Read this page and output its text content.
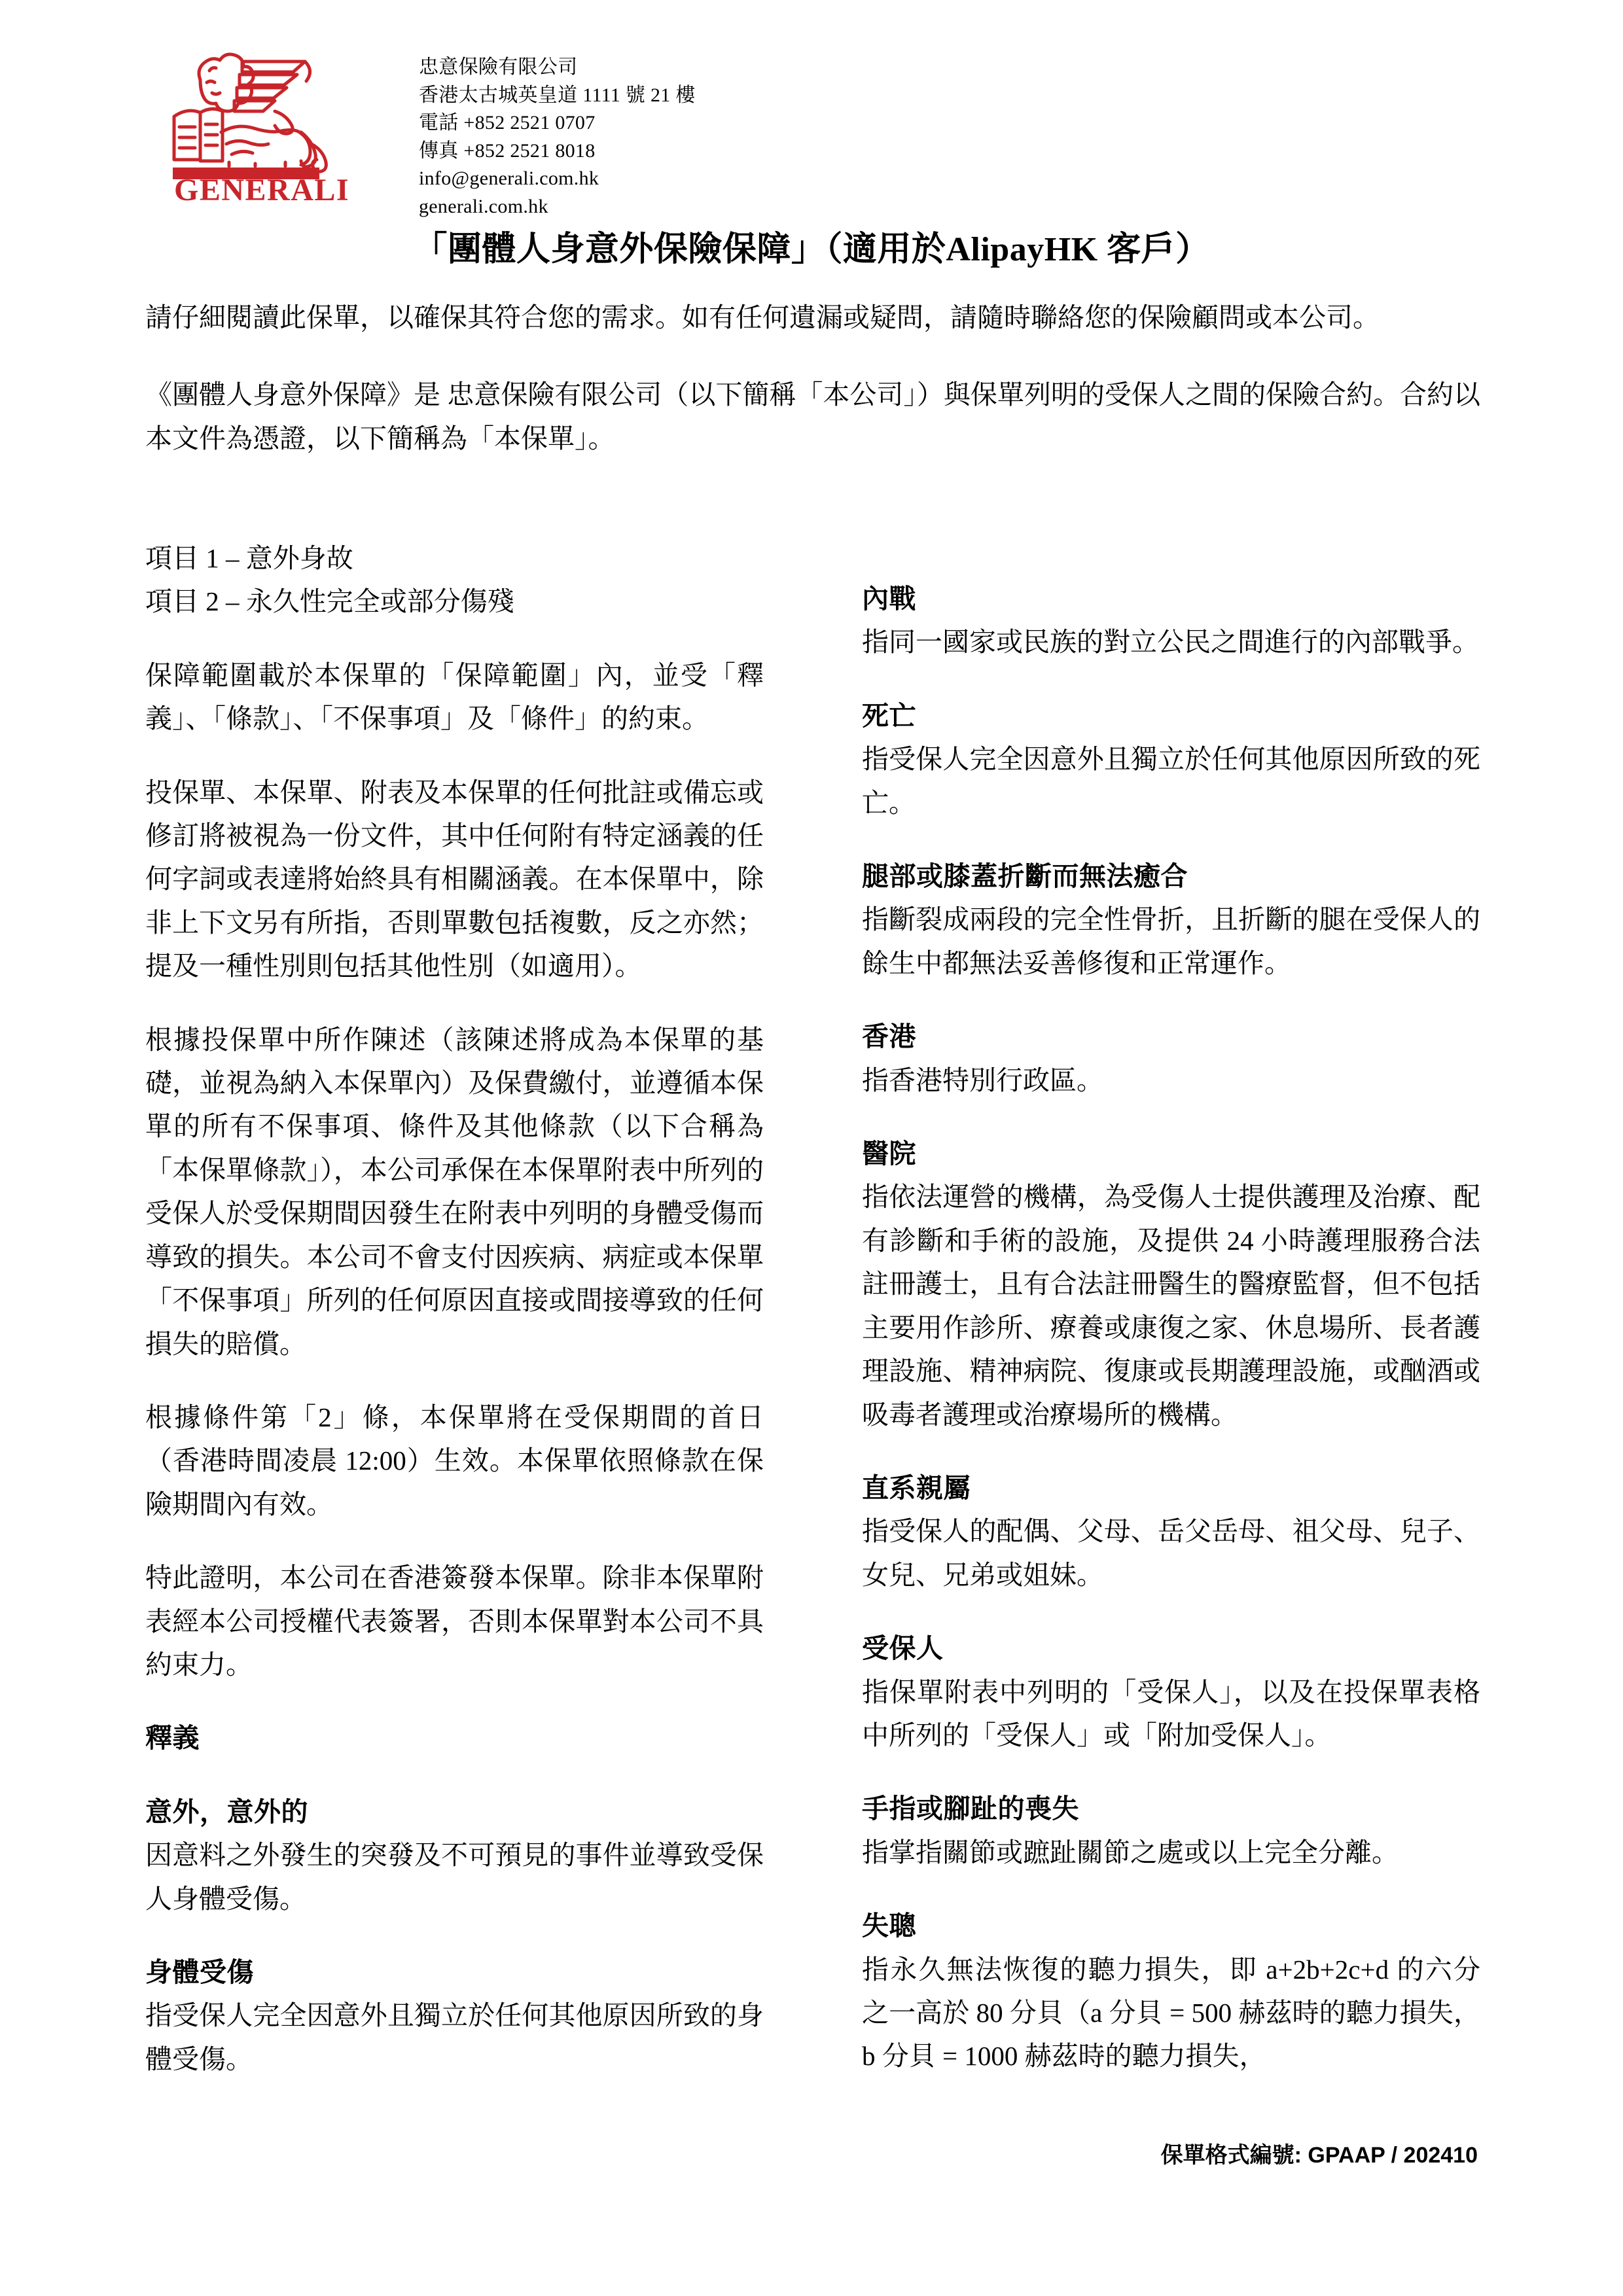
GENERALI
忠意保險有限公司
香港太古城英皇道 1111 號 21 樓
電話 +852 2521 0707
傳真 +852 2521 8018
info@generali.com.hk
generali.com.hk
「團體人身意外保險保障」（適用於AlipayHK 客戶）

請仔細閱讀此保單，以確保其符合您的需求。如有任何遺漏或疑問，請隨時聯絡您的保險顧問或本公司。

《團體人身意外保障》是 忠意保險有限公司（以下簡稱「本公司」）與保單列明的受保人之間的保險合約。合約以本文件為憑證，以下簡稱為「本保單」。

項目 1 – 意外身故

項目 2 – 永久性完全或部分傷殘

保障範圍載於本保單的「保障範圍」內，並受「釋義」、「條款」、「不保事項」及「條件」的約束。

投保單、本保單、附表及本保單的任何批註或備忘或修訂將被視為一份文件，其中任何附有特定涵義的任何字詞或表達將始終具有相關涵義。在本保單中，除非上下文另有所指，否則單數包括複數，反之亦然；提及一種性別則包括其他性別（如適用）。

根據投保單中所作陳述（該陳述將成為本保單的基礎，並視為納入本保單內）及保費繳付，並遵循本保單的所有不保事項、條件及其他條款（以下合稱為「本保單條款」），本公司承保在本保單附表中所列的受保人於受保期間因發生在附表中列明的身體受傷而導致的損失。本公司不會支付因疾病、病症或本保單「不保事項」所列的任何原因直接或間接導致的任何損失的賠償。

根據條件第「2」條，本保單將在受保期間的首日（香港時間凌晨 12:00）生效。本保單依照條款在保險期間內有效。

特此證明，本公司在香港簽發本保單。除非本保單附表經本公司授權代表簽署，否則本保單對本公司不具約束力。

釋義

意外，意外的

因意料之外發生的突發及不可預見的事件並導致受保人身體受傷。

身體受傷

指受保人完全因意外且獨立於任何其他原因所致的身體受傷。

內戰

指同一國家或民族的對立公民之間進行的內部戰爭。

死亡

指受保人完全因意外且獨立於任何其他原因所致的死亡。

腿部或膝蓋折斷而無法癒合

指斷裂成兩段的完全性骨折，且折斷的腿在受保人的餘生中都無法妥善修復和正常運作。

香港

指香港特別行政區。

醫院

指依法運營的機構，為受傷人士提供護理及治療、配有診斷和手術的設施，及提供 24 小時護理服務合法註冊護士，且有合法註冊醫生的醫療監督，但不包括主要用作診所、療養或康復之家、休息場所、長者護理設施、精神病院、復康或長期護理設施，或酗酒或吸毒者護理或治療場所的機構。

直系親屬

指受保人的配偶、父母、岳父岳母、祖父母、兒子、女兒、兄弟或姐妹。

受保人

指保單附表中列明的「受保人」，以及在投保單表格中所列的「受保人」或「附加受保人」。

手指或腳趾的喪失

指掌指關節或蹠趾關節之處或以上完全分離。

失聰

指永久無法恢復的聽力損失，即 a+2b+2c+d 的六分之一高於 80 分貝（a 分貝 = 500 赫茲時的聽力損失，b 分貝 = 1000 赫茲時的聽力損失，

保單格式編號: GPAAP / 202410
